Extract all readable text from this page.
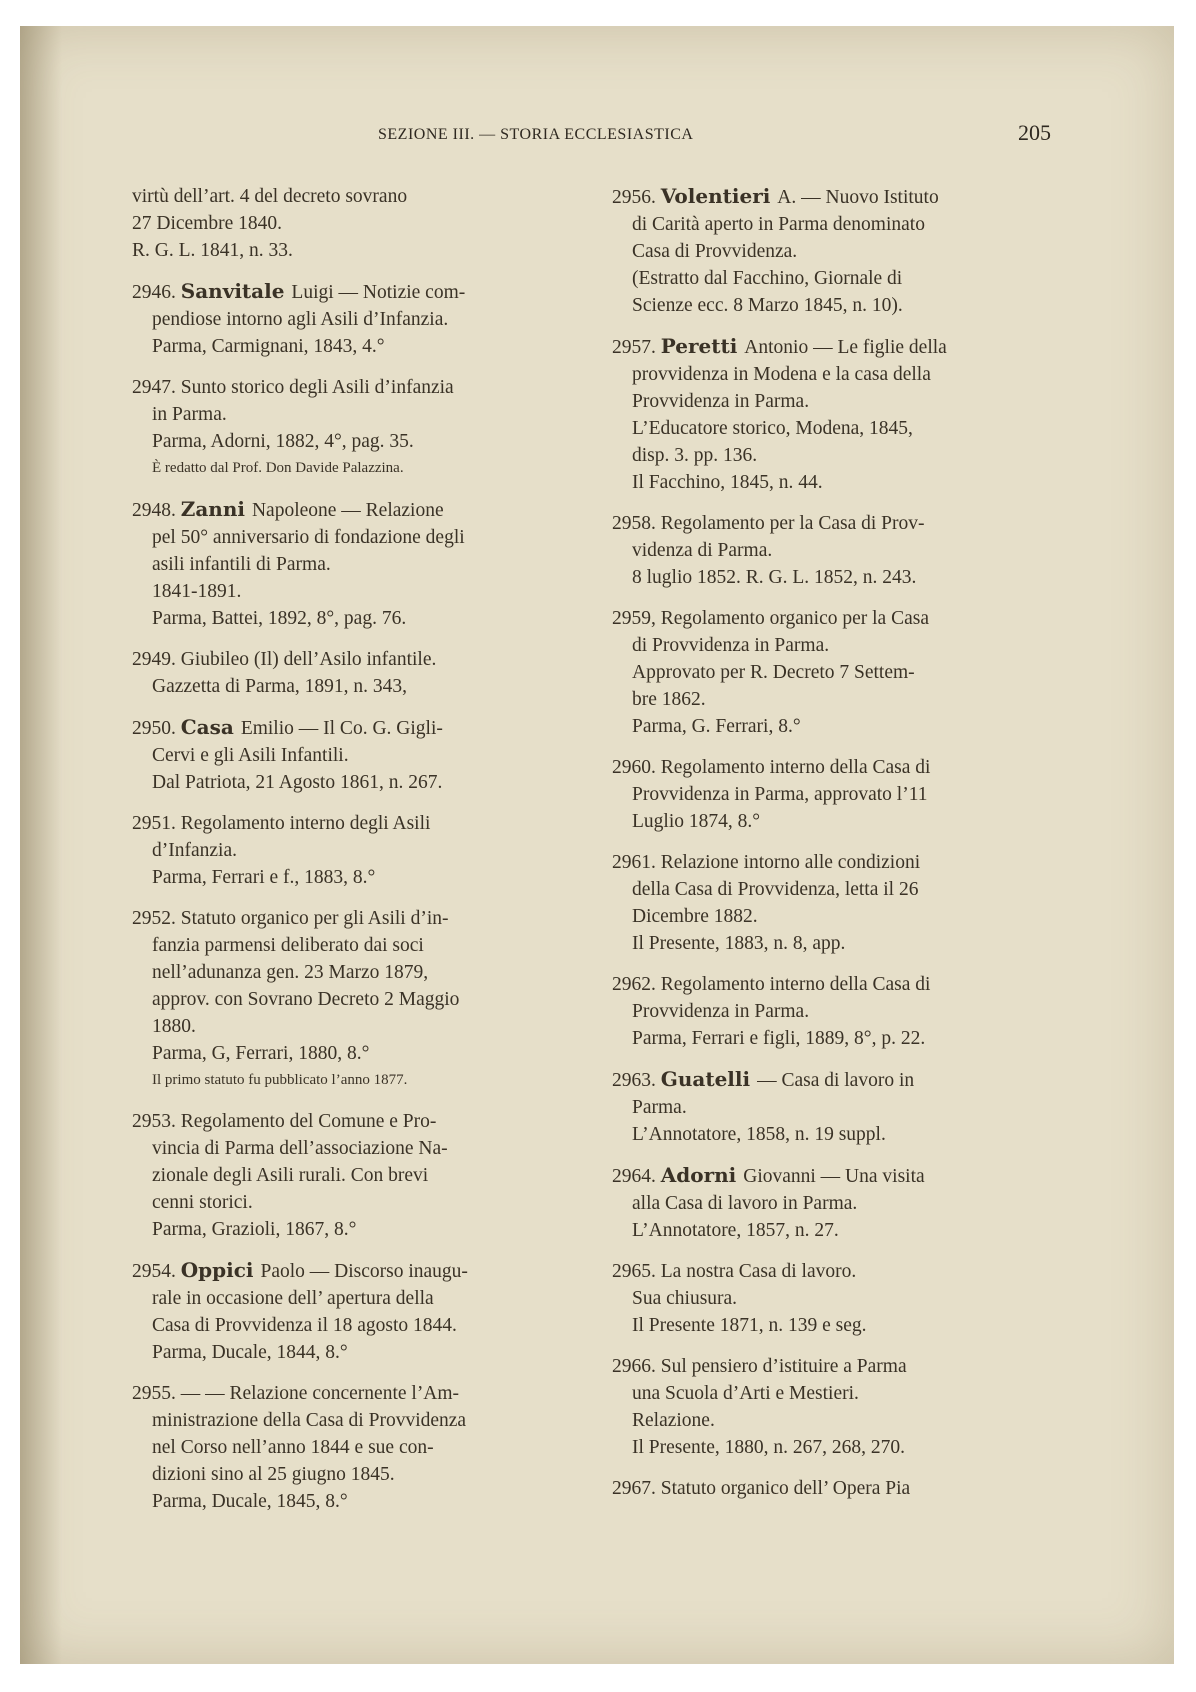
SEZIONE III. — STORIA ECCLESIASTICA	205
virtù dell’art. 4 del decreto sovrano
27 Dicembre 1840.
R. G. L. 1841, n. 33.
2946. Sanvitale Luigi — Notizie com-
pendiose intorno agli Asili d’Infanzia.
Parma, Carmignani, 1843, 4.°
2947. Sunto storico degli Asili d’infanzia
in Parma.
Parma, Adorni, 1882, 4°, pag. 35.
È redatto dal Prof. Don Davide Palazzina.
2948. Zanni Napoleone — Relazione
pel 50° anniversario di fondazione degli
asili infantili di Parma.
1841-1891.
Parma, Battei, 1892, 8°, pag. 76.
2949. Giubileo (Il) dell’Asilo infantile.
Gazzetta di Parma, 1891, n. 343,
2950. Casa Emilio — Il Co. G. Gigli-
Cervi e gli Asili Infantili.
Dal Patriota, 21 Agosto 1861, n. 267.
2951. Regolamento interno degli Asili
d’Infanzia.
Parma, Ferrari e f., 1883, 8.°
2952. Statuto organico per gli Asili d’in-
fanzia parmensi deliberato dai soci
nell’adunanza gen. 23 Marzo 1879,
approv. con Sovrano Decreto 2 Maggio
1880.
Parma, G, Ferrari, 1880, 8.°
Il primo statuto fu pubblicato l’anno 1877.
2953. Regolamento del Comune e Pro-
vincia di Parma dell’associazione Na-
zionale degli Asili rurali. Con brevi
cenni storici.
Parma, Grazioli, 1867, 8.°
2954. Oppici Paolo — Discorso inaugu-
rale in occasione dell’ apertura della
Casa di Provvidenza il 18 agosto 1844.
Parma, Ducale, 1844, 8.°
2955. — — Relazione concernente l’Am-
ministrazione della Casa di Provvidenza
nel Corso nell’anno 1844 e sue con-
dizioni sino al 25 giugno 1845.
Parma, Ducale, 1845, 8.°
2956. Volentieri A. — Nuovo Istituto
di Carità aperto in Parma denominato
Casa di Provvidenza.
(Estratto dal Facchino, Giornale di
Scienze ecc. 8 Marzo 1845, n. 10).
2957. Peretti Antonio — Le figlie della
provvidenza in Modena e la casa della
Provvidenza in Parma.
L’Educatore storico, Modena, 1845,
disp. 3. pp. 136.
Il Facchino, 1845, n. 44.
2958. Regolamento per la Casa di Prov-
videnza di Parma.
8 luglio 1852. R. G. L. 1852, n. 243.
2959, Regolamento organico per la Casa
di Provvidenza in Parma.
Approvato per R. Decreto 7 Settem-
bre 1862.
Parma, G. Ferrari, 8.°
2960. Regolamento interno della Casa di
Provvidenza in Parma, approvato l’11
Luglio 1874, 8.°
2961. Relazione intorno alle condizioni
della Casa di Provvidenza, letta il 26
Dicembre 1882.
Il Presente, 1883, n. 8, app.
2962. Regolamento interno della Casa di
Provvidenza in Parma.
Parma, Ferrari e figli, 1889, 8°, p. 22.
2963. Guatelli — Casa di lavoro in
Parma.
L’Annotatore, 1858, n. 19 suppl.
2964. Adorni Giovanni — Una visita
alla Casa di lavoro in Parma.
L’Annotatore, 1857, n. 27.
2965. La nostra Casa di lavoro.
Sua chiusura.
Il Presente 1871, n. 139 e seg.
2966. Sul pensiero d’istituire a Parma
una Scuola d’Arti e Mestieri.
Relazione.
Il Presente, 1880, n. 267, 268, 270.
2967. Statuto organico dell’ Opera Pia
